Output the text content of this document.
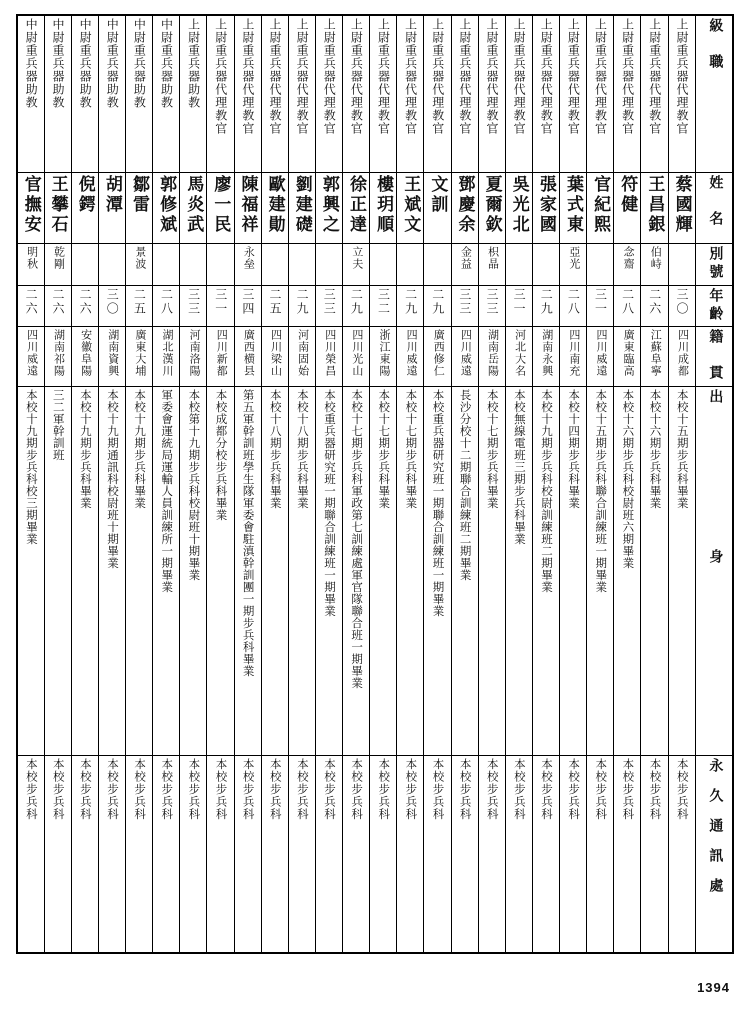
中尉重兵器助教	中尉重兵器助教	中尉重兵器助教	中尉重兵器助教	中尉重兵器助教	中尉重兵器助教	上尉重兵器助教	上尉重兵器代理教官	上尉重兵器代理教官	上尉重兵器代理教官	上尉重兵器代理教官	上尉重兵器代理教官	上尉重兵器代理教官	上尉重兵器代理教官	上尉重兵器代理教官	上尉重兵器代理教官	上尉重兵器代理教官	上尉重兵器代理教官	上尉重兵器代理教官	上尉重兵器代理教官	上尉重兵器代理教官	上尉重兵器代理教官	上尉重兵器代理教官	上尉重兵器代理教官	上尉重兵器代理教官	級　職

官撫安	王攀石	倪鍔	胡潭	鄒雷	郭修斌	馬炎武	廖一民	陳福祥	歐建勛	劉建礎	郭興之	徐正達	樓玥順	王斌文	文訓	鄧慶余	夏爾欽	吳光北	張家國	葉式東	官紀熙	符健	王昌銀	蔡國輝	姓　名

明秋	乾剛			景波				永垒				立夫				金益	枳晶			亞光		念齋	伯峙		別號

二六	二六	二六	三〇	二五	二八	三三	三一	三四	二五	二九	三三	二九	三二	二九	二九	三三	三三	三一	二九	二八	三一	二八	二六	三〇	年齡

四川威遠	湖南祁陽	安徽阜陽	湖南資興	廣東大埔	湖北漢川	河南洛陽	四川新都	廣西横县	四川梁山	河南固始	四川榮昌	四川光山	浙江東陽	四川威遠	廣西修仁	四川威遠	湖南岳陽	河北大名	湖南永興	四川南充	四川威遠	廣東臨高	江蘇阜寧	四川成都	籍　貫

本校十九期步兵科校三期畢業	三二軍幹訓班	本校十九期步兵科畢業	本校十九期通訊科校尉班十期畢業	本校十九期步兵科畢業	軍委會運統局運輸人員訓練所一期畢業	本校第十九期步兵科校尉班十期畢業	本校成都分校步兵科畢業	第五軍幹訓班學生隊軍委會駐滇幹訓團一期步兵科畢業	本校十八期步兵科畢業	本校十八期步兵科畢業	本校重兵器研究班一期聯合訓練班一期畢業	本校十七期步兵科軍政第七訓練處軍官隊聯合班一期畢業	本校十七期步兵科畢業	本校十七期步兵科畢業	本校重兵器研究班一期聯合訓練班一期畢業	長沙分校十二期聯合訓練班二期畢業	本校十七期步兵科畢業	本校無線電班三期步兵科畢業	本校十九期步兵科校尉訓練班二期畢業	本校十四期步兵科畢業	本校十五期步兵科聯合訓練班一期畢業	本校十六期步兵科校尉班六期畢業	本校十六期步兵科畢業	本校十五期步兵科畢業	出　　　身

本校步兵科	本校步兵科	本校步兵科	本校步兵科	本校步兵科	本校步兵科	本校步兵科	本校步兵科	本校步兵科	本校步兵科	本校步兵科	本校步兵科	本校步兵科	本校步兵科	本校步兵科	本校步兵科	本校步兵科	本校步兵科	本校步兵科	本校步兵科	本校步兵科	本校步兵科	本校步兵科	本校步兵科	本校步兵科	永久通訊處
1394
